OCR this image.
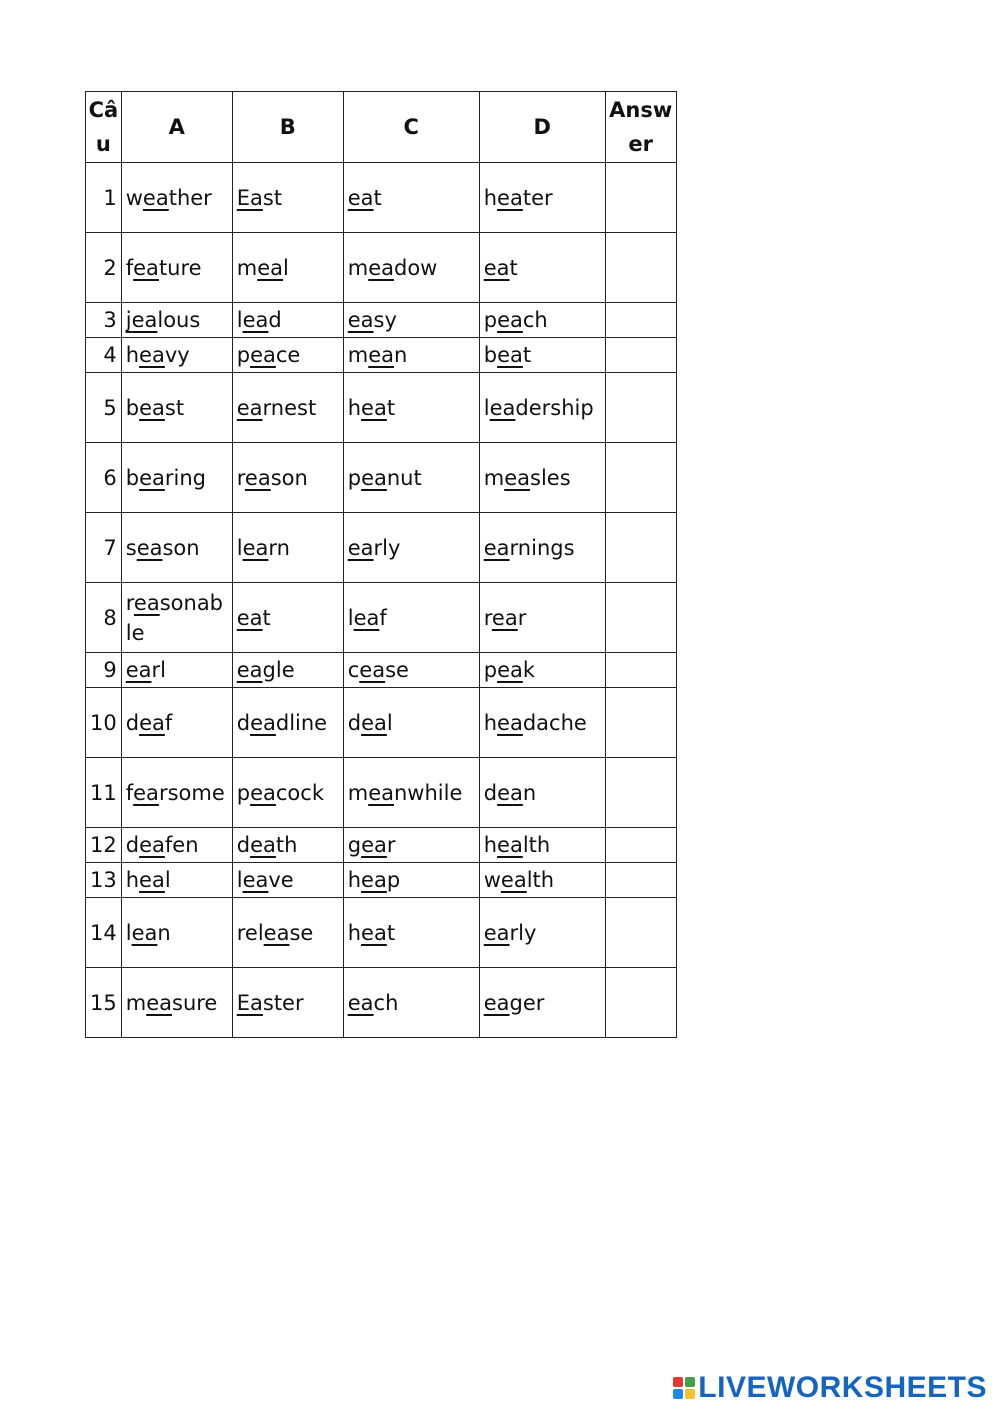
Câu	A	B	C	D	Answer
1	weather	East	eat	heater	
2	feature	meal	meadow	eat	
3	jealous	lead	easy	peach	
4	heavy	peace	mean	beat	
5	beast	earnest	heat	leadership	
6	bearing	reason	peanut	measles	
7	season	learn	early	earnings	
8	reasonable	eat	leaf	rear	
9	earl	eagle	cease	peak	
10	deaf	deadline	deal	headache	
11	fearsome	peacock	meanwhile	dean	
12	deafen	death	gear	health	
13	heal	leave	heap	wealth	
14	lean	release	heat	early	
15	measure	Easter	each	eager	
LIVEWORKSHEETS
